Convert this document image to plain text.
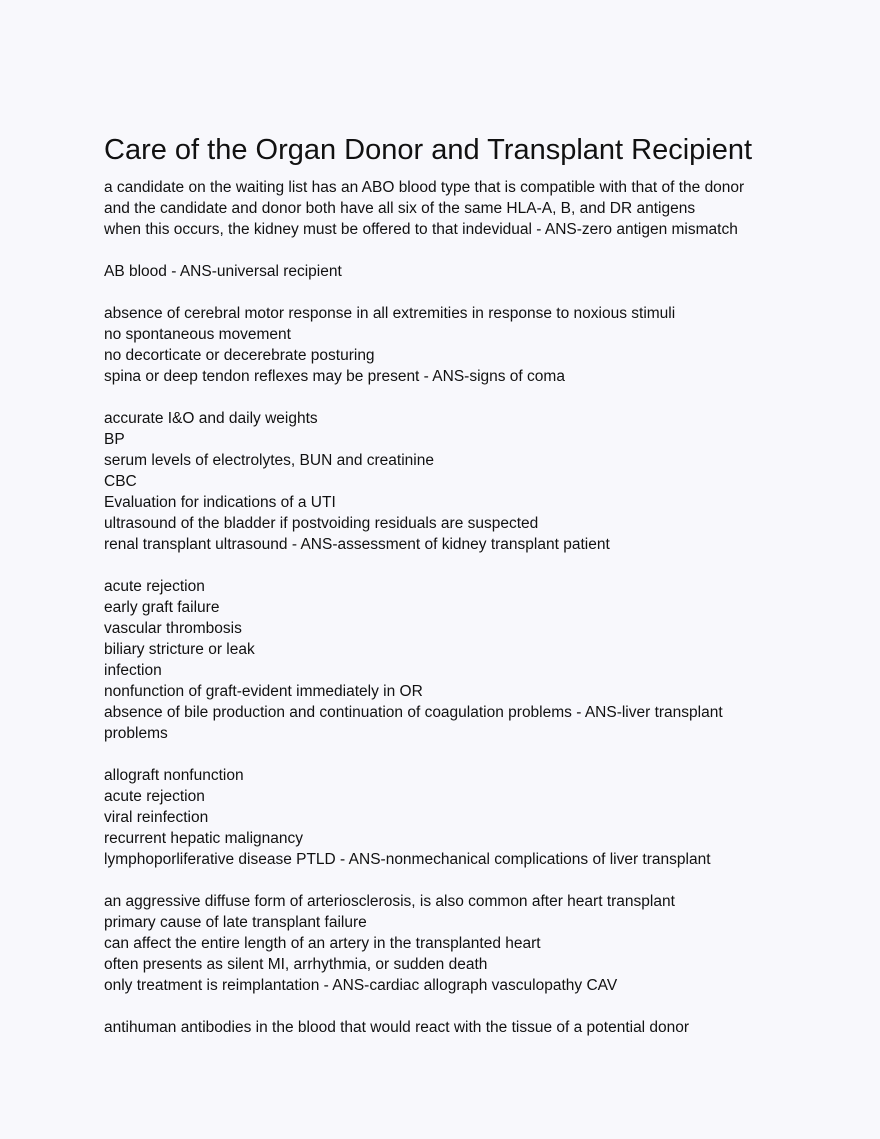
Care of the Organ Donor and Transplant Recipient
a candidate on the waiting list has an ABO blood type that is compatible with that of the donor
and the candidate and donor both have all six of the same HLA-A, B, and DR antigens
when this occurs, the kidney must be offered to that indevidual - ANS-zero antigen mismatch
AB blood - ANS-universal recipient
absence of cerebral motor response in all extremities in response to noxious stimuli
no spontaneous movement
no decorticate or decerebrate posturing
spina or deep tendon reflexes may be present - ANS-signs of coma
accurate I&O and daily weights
BP
serum levels of electrolytes, BUN and creatinine
CBC
Evaluation for indications of a UTI
ultrasound of the bladder if postvoiding residuals are suspected
renal transplant ultrasound - ANS-assessment of kidney transplant patient
acute rejection
early graft failure
vascular thrombosis
biliary stricture or leak
infection
nonfunction of graft-evident immediately in OR
absence of bile production and continuation of coagulation problems - ANS-liver transplant problems
allograft nonfunction
acute rejection
viral reinfection
recurrent hepatic malignancy
lymphoporliferative disease PTLD - ANS-nonmechanical complications of liver transplant
an aggressive diffuse form of arteriosclerosis, is also common after heart transplant
primary cause of late transplant failure
can affect the entire length of an artery in the transplanted heart
often presents as silent MI, arrhythmia, or sudden death
only treatment is reimplantation - ANS-cardiac allograph vasculopathy CAV
antihuman antibodies in the blood that would react with the tissue of a potential donor
